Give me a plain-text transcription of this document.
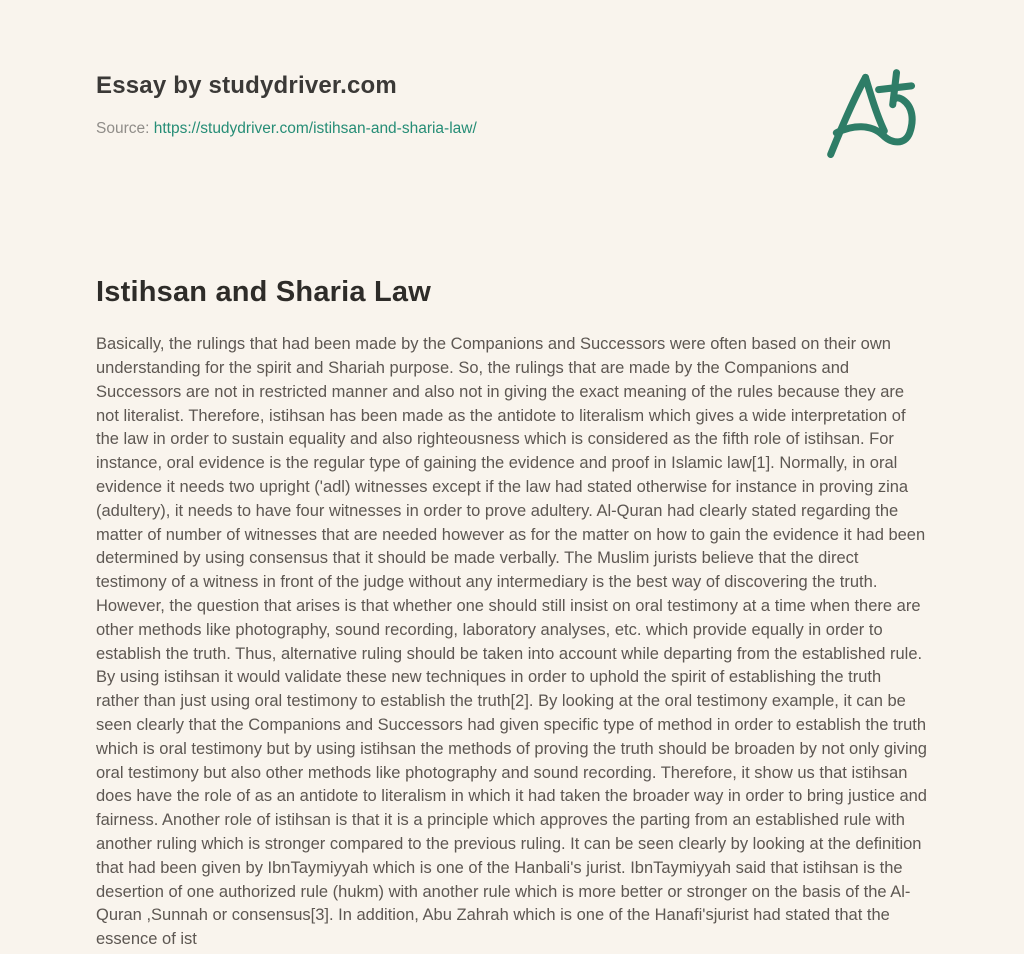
Essay by studydriver.com
Source: https://studydriver.com/istihsan-and-sharia-law/
Istihsan and Sharia Law

Basically, the rulings that had been made by the Companions and Successors were often based on their own understanding for the spirit and Shariah purpose. So, the rulings that are made by the Companions and Successors are not in restricted manner and also not in giving the exact meaning of the rules because they are not literalist. Therefore, istihsan has been made as the antidote to literalism which gives a wide interpretation of the law in order to sustain equality and also righteousness which is considered as the fifth role of istihsan. For instance, oral evidence is the regular type of gaining the evidence and proof in Islamic law[1]. Normally, in oral evidence it needs two upright ('adl) witnesses except if the law had stated otherwise for instance in proving zina (adultery), it needs to have four witnesses in order to prove adultery. Al-Quran had clearly stated regarding the matter of number of witnesses that are needed however as for the matter on how to gain the evidence it had been determined by using consensus that it should be made verbally. The Muslim jurists believe that the direct testimony of a witness in front of the judge without any intermediary is the best way of discovering the truth. However, the question that arises is that whether one should still insist on oral testimony at a time when there are other methods like photography, sound recording, laboratory analyses, etc. which provide equally in order to establish the truth. Thus, alternative ruling should be taken into account while departing from the established rule. By using istihsan it would validate these new techniques in order to uphold the spirit of establishing the truth rather than just using oral testimony to establish the truth[2]. By looking at the oral testimony example, it can be seen clearly that the Companions and Successors had given specific type of method in order to establish the truth which is oral testimony but by using istihsan the methods of proving the truth should be broaden by not only giving oral testimony but also other methods like photography and sound recording. Therefore, it show us that istihsan does have the role of as an antidote to literalism in which it had taken the broader way in order to bring justice and fairness. Another role of istihsan is that it is a principle which approves the parting from an established rule with another ruling which is stronger compared to the previous ruling. It can be seen clearly by looking at the definition that had been given by IbnTaymiyyah which is one of the Hanbali's jurist. IbnTaymiyyah said that istihsan is the desertion of one authorized rule (hukm) with another rule which is more better or stronger on the basis of the Al-Quran ,Sunnah or consensus[3]. In addition, Abu Zahrah which is one of the Hanafi'sjurist had stated that the essence of ist
